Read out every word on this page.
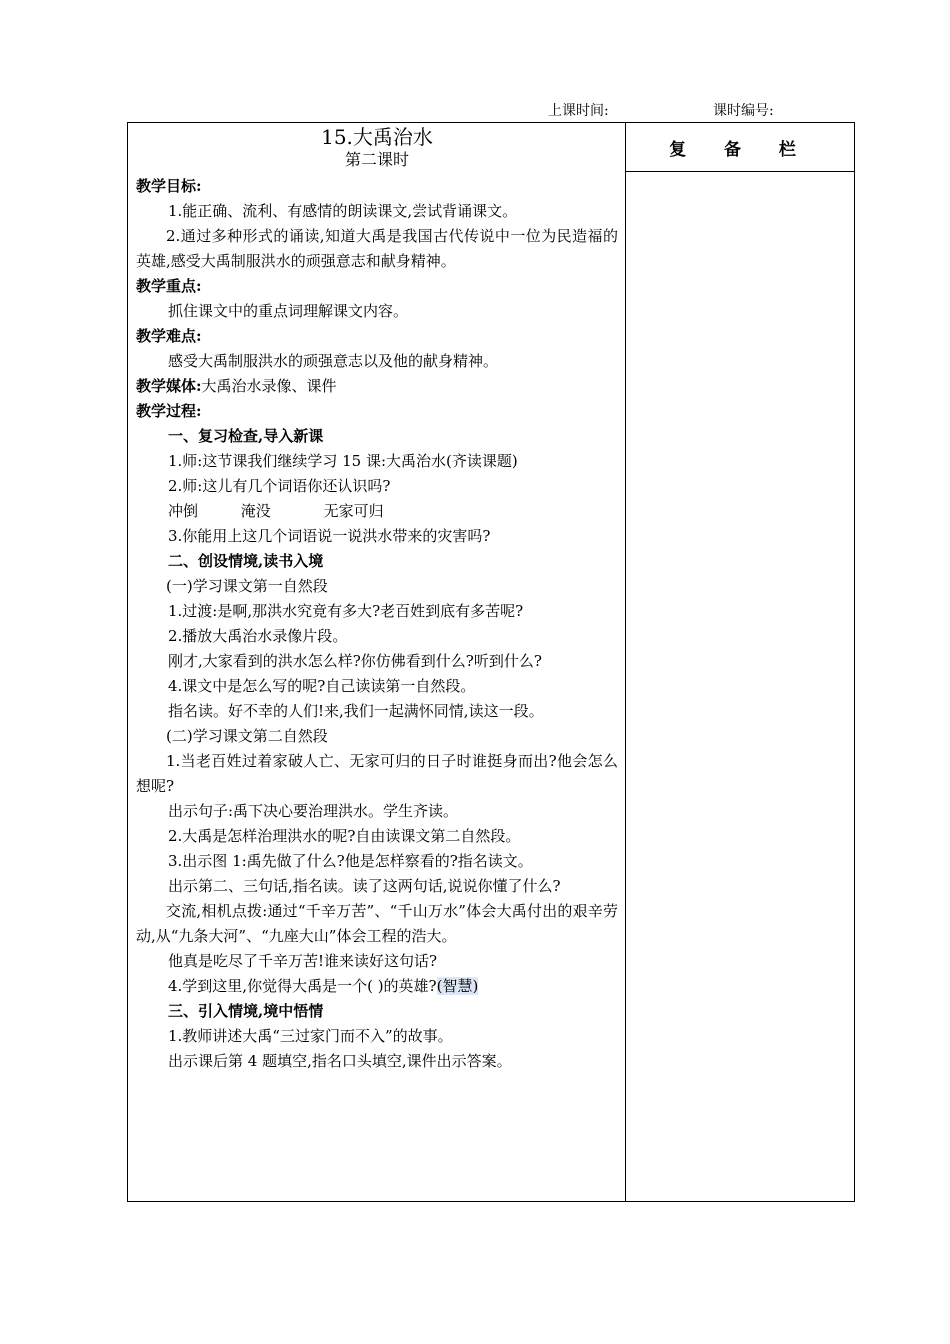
上课时间:	课时编号:
复 备 栏
15.大禹治水
第二课时
教学目标:
1.能正确、流利、有感情的朗读课文,尝试背诵课文。
2.通过多种形式的诵读,知道大禹是我国古代传说中一位为民造福的英雄,感受大禹制服洪水的顽强意志和献身精神。
教学重点:
抓住课文中的重点词理解课文内容。
教学难点:
感受大禹制服洪水的顽强意志以及他的献身精神。
教学媒体:大禹治水录像、课件
教学过程:
一、复习检查,导入新课
1.师:这节课我们继续学习 15 课:大禹治水(齐读课题)
2.师:这儿有几个词语你还认识吗?
冲倒	淹没	无家可归
3.你能用上这几个词语说一说洪水带来的灾害吗?
二、创设情境,读书入境
(一)学习课文第一自然段
1.过渡:是啊,那洪水究竟有多大?老百姓到底有多苦呢?
2.播放大禹治水录像片段。
刚才,大家看到的洪水怎么样?你仿佛看到什么?听到什么?
4.课文中是怎么写的呢?自己读读第一自然段。
指名读。好不幸的人们!来,我们一起满怀同情,读这一段。
(二)学习课文第二自然段
1.当老百姓过着家破人亡、无家可归的日子时谁挺身而出?他会怎么想呢?
出示句子:禹下决心要治理洪水。学生齐读。
2.大禹是怎样治理洪水的呢?自由读课文第二自然段。
3.出示图 1:禹先做了什么?他是怎样察看的?指名读文。
出示第二、三句话,指名读。读了这两句话,说说你懂了什么?
交流,相机点拨:通过“千辛万苦”、“千山万水”体会大禹付出的艰辛劳动,从“九条大河”、“九座大山”体会工程的浩大。
他真是吃尽了千辛万苦!谁来读好这句话?
4.学到这里,你觉得大禹是一个( )的英雄?(智慧)
三、引入情境,境中悟情
1.教师讲述大禹“三过家门而不入”的故事。
出示课后第 4 题填空,指名口头填空,课件出示答案。
